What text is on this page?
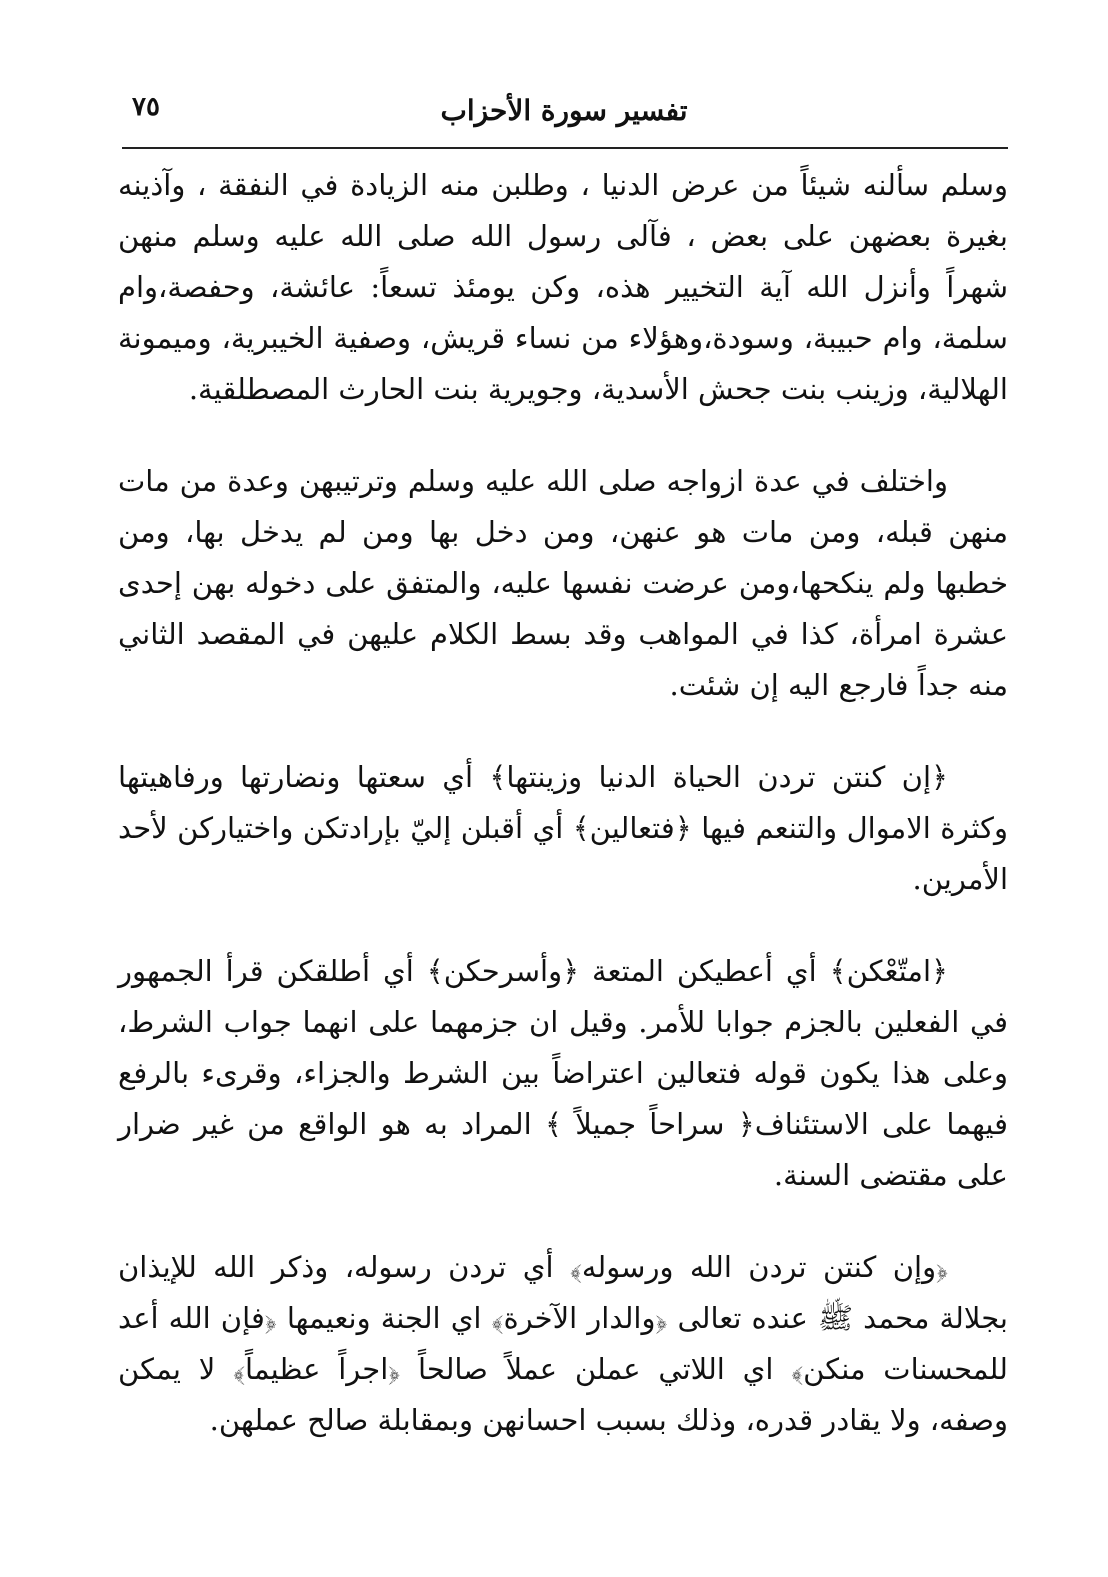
تفسير سورة الأحزاب
٧٥

وسلم سألنه شيئاً من عرض الدنيا ، وطلبن منه الزيادة في النفقة ، وآذينه بغيرة بعضهن على بعض ، فآلى رسول الله صلى الله عليه وسلم منهن شهراً وأنزل الله آية التخيير هذه، وكن يومئذ تسعاً: عائشة، وحفصة،وام سلمة، وام حبيبة، وسودة،وهؤلاء من نساء قريش، وصفية الخيبرية، وميمونة الهلالية، وزينب بنت جحش الأسدية، وجويرية بنت الحارث المصطلقية.

واختلف في عدة ازواجه صلى الله عليه وسلم وترتيبهن وعدة من مات منهن قبله، ومن مات هو عنهن، ومن دخل بها ومن لم يدخل بها، ومن خطبها ولم ينكحها،ومن عرضت نفسها عليه، والمتفق على دخوله بهن إحدى عشرة امرأة، كذا في المواهب وقد بسط الكلام عليهن في المقصد الثاني منه جداً فارجع اليه إن شئت.

﴿إن كنتن تردن الحياة الدنيا وزينتها﴾ أي سعتها ونضارتها ورفاهيتها وكثرة الاموال والتنعم فيها ﴿فتعالين﴾ أي أقبلن إليّ بإرادتكن واختياركن لأحد الأمرين.

﴿امتّعْكن﴾ أي أعطيكن المتعة ﴿وأسرحكن﴾ أي أطلقكن قرأ الجمهور في الفعلين بالجزم جوابا للأمر. وقيل ان جزمهما على انهما جواب الشرط، وعلى هذا يكون قوله فتعالين اعتراضاً بين الشرط والجزاء، وقرىء بالرفع فيهما على الاستئناف﴿ سراحاً جميلاً ﴾ المراد به هو الواقع من غير ضرار على مقتضى السنة.

﴿وإن كنتن تردن الله ورسوله﴾ أي تردن رسوله، وذكر الله للإيذان بجلالة محمد ﷺ عنده تعالى ﴿والدار الآخرة﴾ اي الجنة ونعيمها ﴿فإن الله أعد للمحسنات منكن﴾ اي اللاتي عملن عملاً صالحاً ﴿اجراً عظيماً﴾ لا يمكن وصفه، ولا يقادر قدره، وذلك بسبب احسانهن وبمقابلة صالح عملهن.
